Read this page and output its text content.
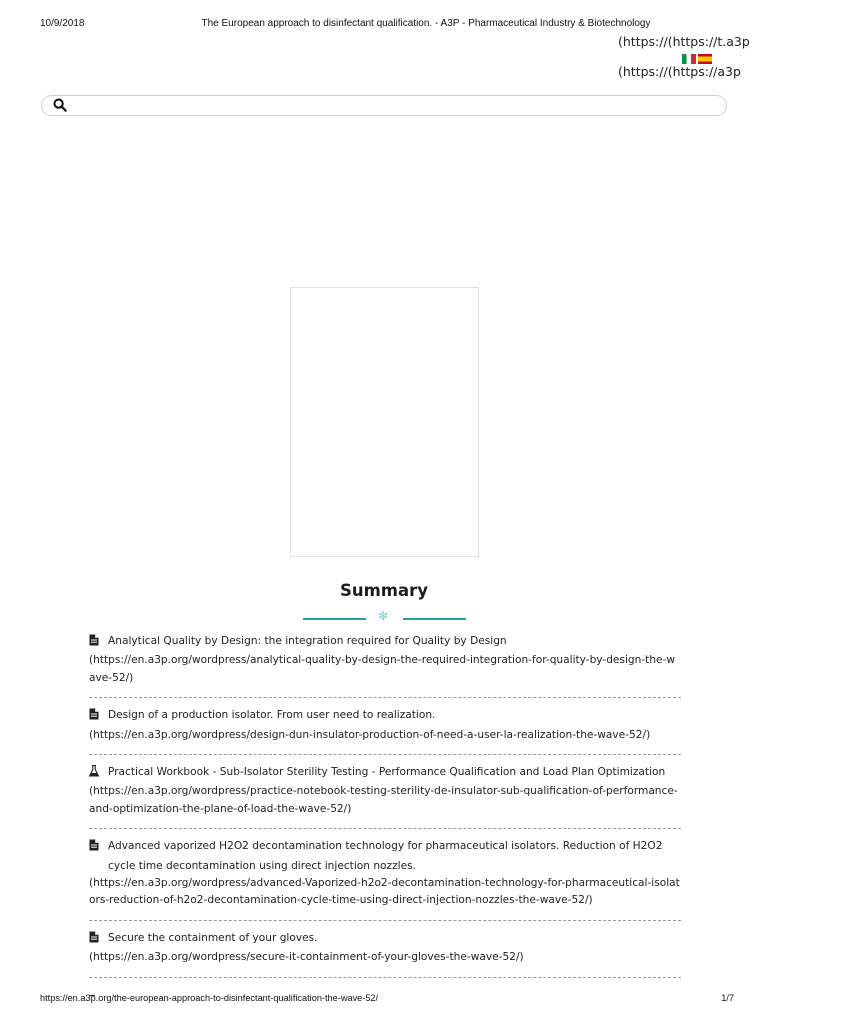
10/9/2018	The European approach to disinfectant qualification. - A3P - Pharmaceutical Industry & Biotechnology
(https://(https://t.a3p
(https://(https://a3p
Summary
✻
Analytical Quality by Design: the integration required for Quality by Design
(https://en.a3p.org/wordpress/analytical-quality-by-design-the-required-integration-for-quality-by-design-the-wave-52/)
Design of a production isolator. From user need to realization.
(https://en.a3p.org/wordpress/design-dun-insulator-production-of-need-a-user-la-realization-the-wave-52/)
Practical Workbook - Sub-Isolator Sterility Testing - Performance Qualification and Load Plan Optimization
(https://en.a3p.org/wordpress/practice-notebook-testing-sterility-de-insulator-sub-qualification-of-performance-and-optimization-the-plane-of-load-the-wave-52/)
Advanced vaporized H2O2 decontamination technology for pharmaceutical isolators. Reduction of H2O2 cycle time decontamination using direct injection nozzles.
(https://en.a3p.org/wordpress/advanced-Vaporized-h2o2-decontamination-technology-for-pharmaceutical-isolators-reduction-of-h2o2-decontamination-cycle-time-using-direct-injection-nozzles-the-wave-52/)
Secure the containment of your gloves.
(https://en.a3p.org/wordpress/secure-it-containment-of-your-gloves-the-wave-52/)
https://en.a3p.org/the-european-approach-to-disinfectant-qualification-the-wave-52/	1/7
